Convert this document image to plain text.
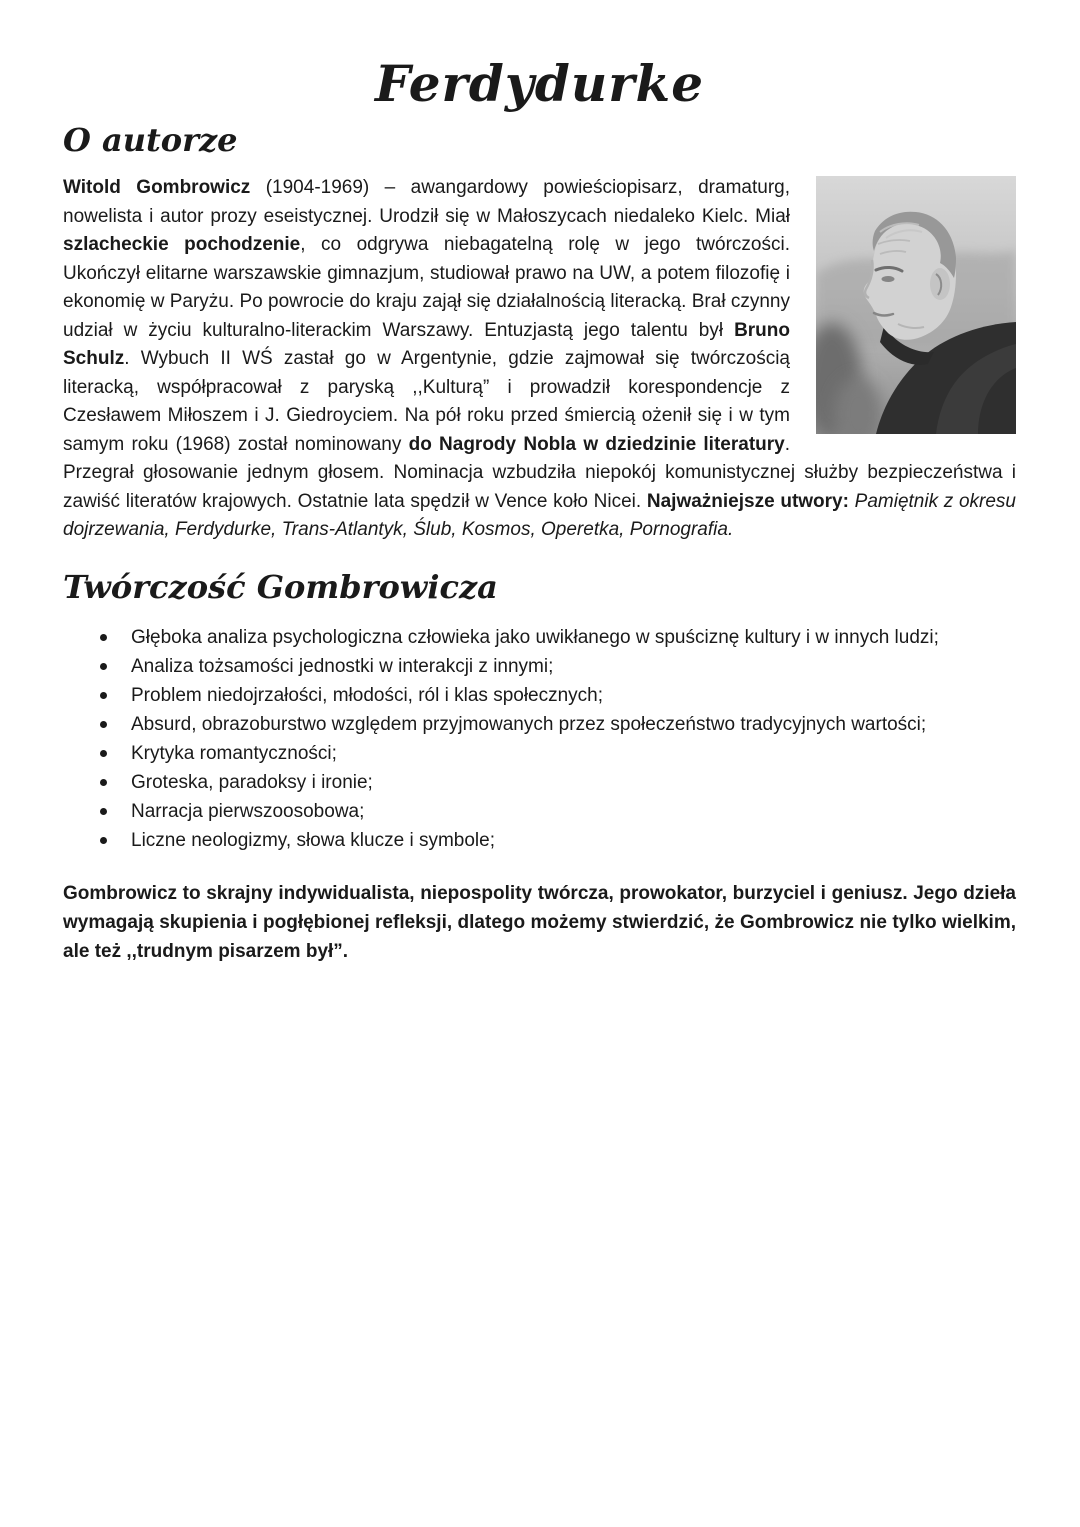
Ferdydurke
O autorze

Witold Gombrowicz (1904-1969) – awangardowy powieściopisarz, dramaturg, nowelista i autor prozy eseistycznej. Urodził się w Małoszycach niedaleko Kielc. Miał szlacheckie pochodzenie, co odgrywa niebagatelną rolę w jego twórczości. Ukończył elitarne warszawskie gimnazjum, studiował prawo na UW, a potem filozofię i ekonomię w Paryżu. Po powrocie do kraju zajął się działalnością literacką. Brał czynny udział w życiu kulturalno-literackim Warszawy. Entuzjastą jego talentu był Bruno Schulz. Wybuch II WŚ zastał go w Argentynie, gdzie zajmował się twórczością literacką, współpracował z paryską ,,Kulturą” i prowadził korespondencje z Czesławem Miłoszem i J. Giedroyciem. Na pół roku przed śmiercią ożenił się i w tym samym roku (1968) został nominowany do Nagrody Nobla w dziedzinie literatury. Przegrał głosowanie jednym głosem. Nominacja wzbudziła niepokój komunistycznej służby bezpieczeństwa i zawiść literatów krajowych. Ostatnie lata spędził w Vence koło Nicei. Najważniejsze utwory: Pamiętnik z okresu dojrzewania, Ferdydurke, Trans-Atlantyk, Ślub, Kosmos, Operetka, Pornografia.

Twórczość Gombrowicza
Głęboka analiza psychologiczna człowieka jako uwikłanego w spuściznę kultury i w innych ludzi;
Analiza tożsamości jednostki w interakcji z innymi;
Problem niedojrzałości, młodości, ról i klas społecznych;
Absurd, obrazoburstwo względem przyjmowanych przez społeczeństwo tradycyjnych wartości;
Krytyka romantyczności;
Groteska, paradoksy i ironie;
Narracja pierwszoosobowa;
Liczne neologizmy, słowa klucze i symbole;

Gombrowicz to skrajny indywidualista, niepospolity twórcza, prowokator, burzyciel i geniusz. Jego dzieła wymagają skupienia i pogłębionej refleksji, dlatego możemy stwierdzić, że Gombrowicz nie tylko wielkim, ale też ,,trudnym pisarzem był”.
